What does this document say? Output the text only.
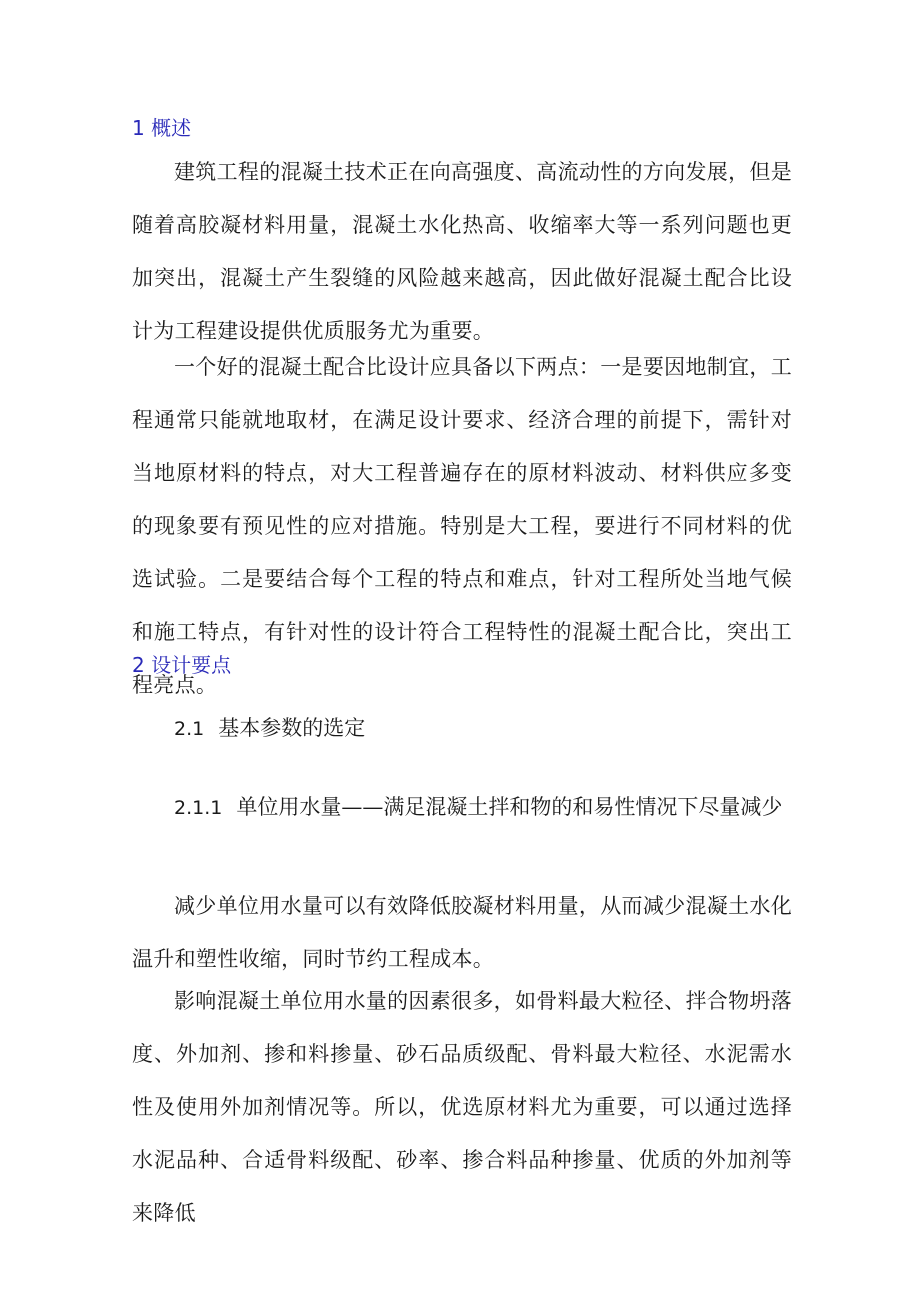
1 概述

建筑工程的混凝土技术正在向高强度、高流动性的方向发展，但是随着高胶凝材料用量，混凝土水化热高、收缩率大等一系列问题也更加突出，混凝土产生裂缝的风险越来越高，因此做好混凝土配合比设计为工程建设提供优质服务尤为重要。

一个好的混凝土配合比设计应具备以下两点：一是要因地制宜，工程通常只能就地取材，在满足设计要求、经济合理的前提下，需针对当地原材料的特点，对大工程普遍存在的原材料波动、材料供应多变的现象要有预见性的应对措施。特别是大工程，要进行不同材料的优选试验。二是要结合每个工程的特点和难点，针对工程所处当地气候和施工特点，有针对性的设计符合工程特性的混凝土配合比，突出工程亮点。

2 设计要点

2.1 基本参数的选定

2.1.1 单位用水量——满足混凝土拌和物的和易性情况下尽量减少

减少单位用水量可以有效降低胶凝材料用量，从而减少混凝土水化温升和塑性收缩，同时节约工程成本。

影响混凝土单位用水量的因素很多，如骨料最大粒径、拌合物坍落度、外加剂、掺和料掺量、砂石品质级配、骨料最大粒径、水泥需水性及使用外加剂情况等。所以，优选原材料尤为重要，可以通过选择水泥品种、合适骨料级配、砂率、掺合料品种掺量、优质的外加剂等来降低
